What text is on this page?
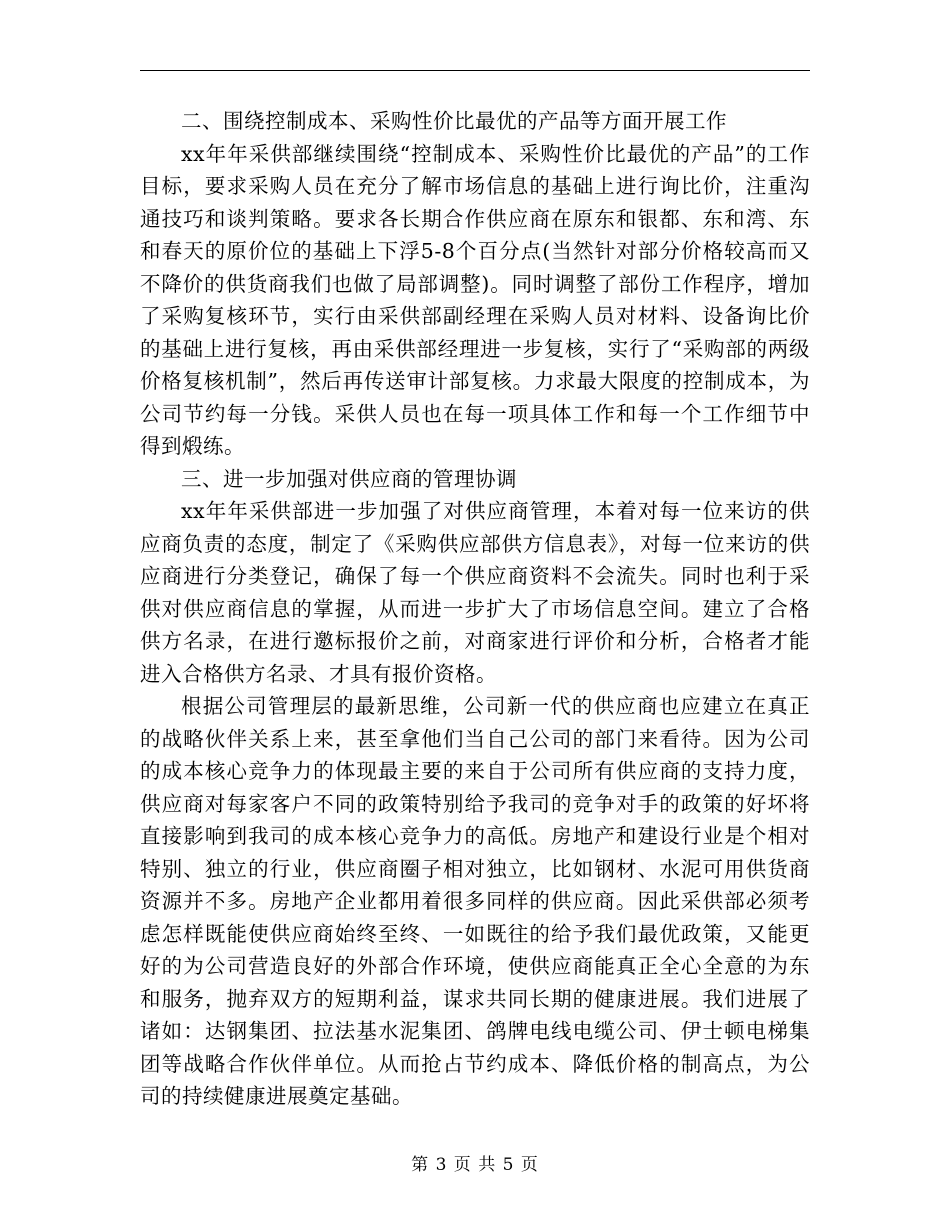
二、围绕控制成本、采购性价比最优的产品等方面开展工作

xx年年采供部继续围绕“控制成本、采购性价比最优的产品”的工作目标，要求采购人员在充分了解市场信息的基础上进行询比价，注重沟通技巧和谈判策略。要求各长期合作供应商在原东和银都、东和湾、东和春天的原价位的基础上下浮5-8个百分点(当然针对部分价格较高而又不降价的供货商我们也做了局部调整)。同时调整了部份工作程序，增加了采购复核环节，实行由采供部副经理在采购人员对材料、设备询比价的基础上进行复核，再由采供部经理进一步复核，实行了“采购部的两级价格复核机制”，然后再传送审计部复核。力求最大限度的控制成本，为公司节约每一分钱。采供人员也在每一项具体工作和每一个工作细节中得到煅练。

三、进一步加强对供应商的管理协调

xx年年采供部进一步加强了对供应商管理，本着对每一位来访的供应商负责的态度，制定了《采购供应部供方信息表》，对每一位来访的供应商进行分类登记，确保了每一个供应商资料不会流失。同时也利于采供对供应商信息的掌握，从而进一步扩大了市场信息空间。建立了合格供方名录，在进行邀标报价之前，对商家进行评价和分析，合格者才能进入合格供方名录、才具有报价资格。

根据公司管理层的最新思维，公司新一代的供应商也应建立在真正的战略伙伴关系上来，甚至拿他们当自己公司的部门来看待。因为公司的成本核心竞争力的体现最主要的来自于公司所有供应商的支持力度，供应商对每家客户不同的政策特别给予我司的竞争对手的政策的好坏将直接影响到我司的成本核心竞争力的高低。房地产和建设行业是个相对特别、独立的行业，供应商圈子相对独立，比如钢材、水泥可用供货商资源并不多。房地产企业都用着很多同样的供应商。因此采供部必须考虑怎样既能使供应商始终至终、一如既往的给予我们最优政策，又能更好的为公司营造良好的外部合作环境，使供应商能真正全心全意的为东和服务，抛弃双方的短期利益，谋求共同长期的健康进展。我们进展了诸如：达钢集团、拉法基水泥集团、鸽牌电线电缆公司、伊士顿电梯集团等战略合作伙伴单位。从而抢占节约成本、降低价格的制高点，为公司的持续健康进展奠定基础。

第 3 页 共 5 页
